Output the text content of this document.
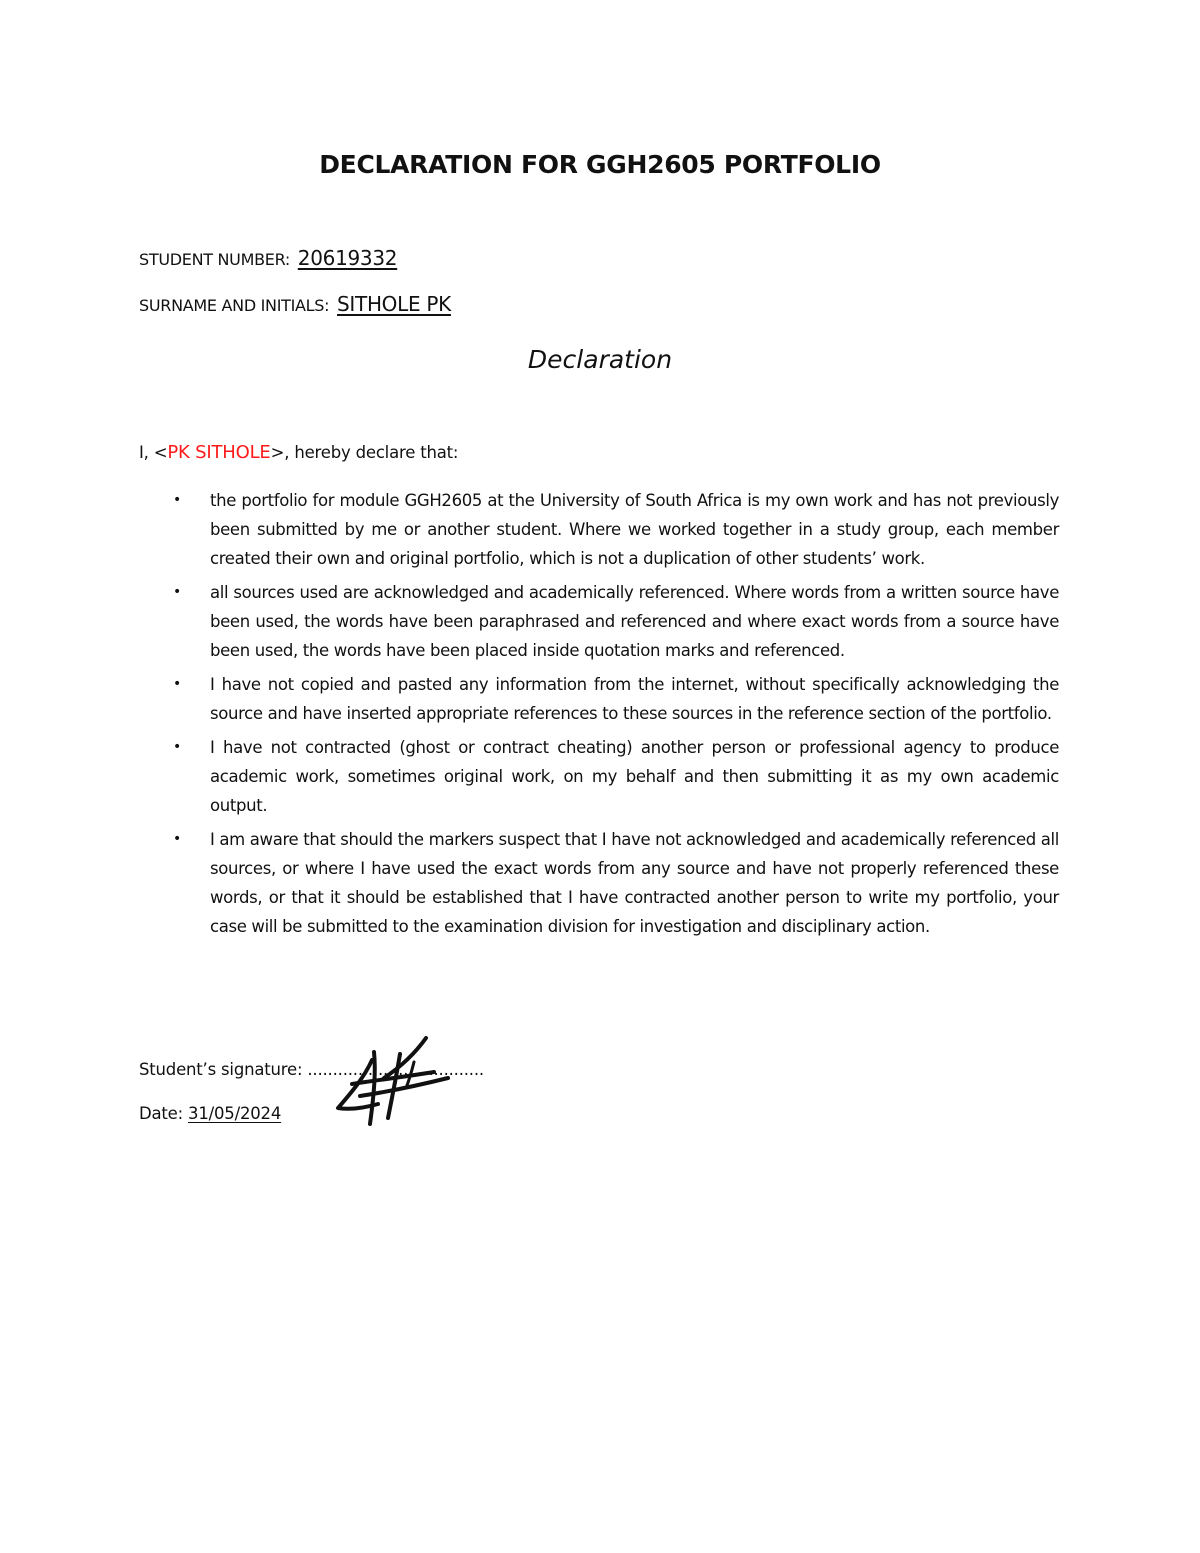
DECLARATION FOR GGH2605 PORTFOLIO
STUDENT NUMBER: 20619332
SURNAME AND INITIALS: SITHOLE PK
Declaration
I, <PK SITHOLE>, hereby declare that:
• the portfolio for module GGH2605 at the University of South Africa is my own work and has not previously been submitted by me or another student. Where we worked together in a study group, each member created their own and original portfolio, which is not a duplication of other students’ work.
• all sources used are acknowledged and academically referenced. Where words from a written source have been used, the words have been paraphrased and referenced and where exact words from a source have been used, the words have been placed inside quotation marks and referenced.
• I have not copied and pasted any information from the internet, without specifically acknowledging the source and have inserted appropriate references to these sources in the reference section of the portfolio.
• I have not contracted (ghost or contract cheating) another person or professional agency to produce academic work, sometimes original work, on my behalf and then submitting it as my own academic output.
• I am aware that should the markers suspect that I have not acknowledged and academically referenced all sources, or where I have used the exact words from any source and have not properly referenced these words, or that it should be established that I have contracted another person to write my portfolio, your case will be submitted to the examination division for investigation and disciplinary action.
Student’s signature: ...................................
Date: 31/05/2024
